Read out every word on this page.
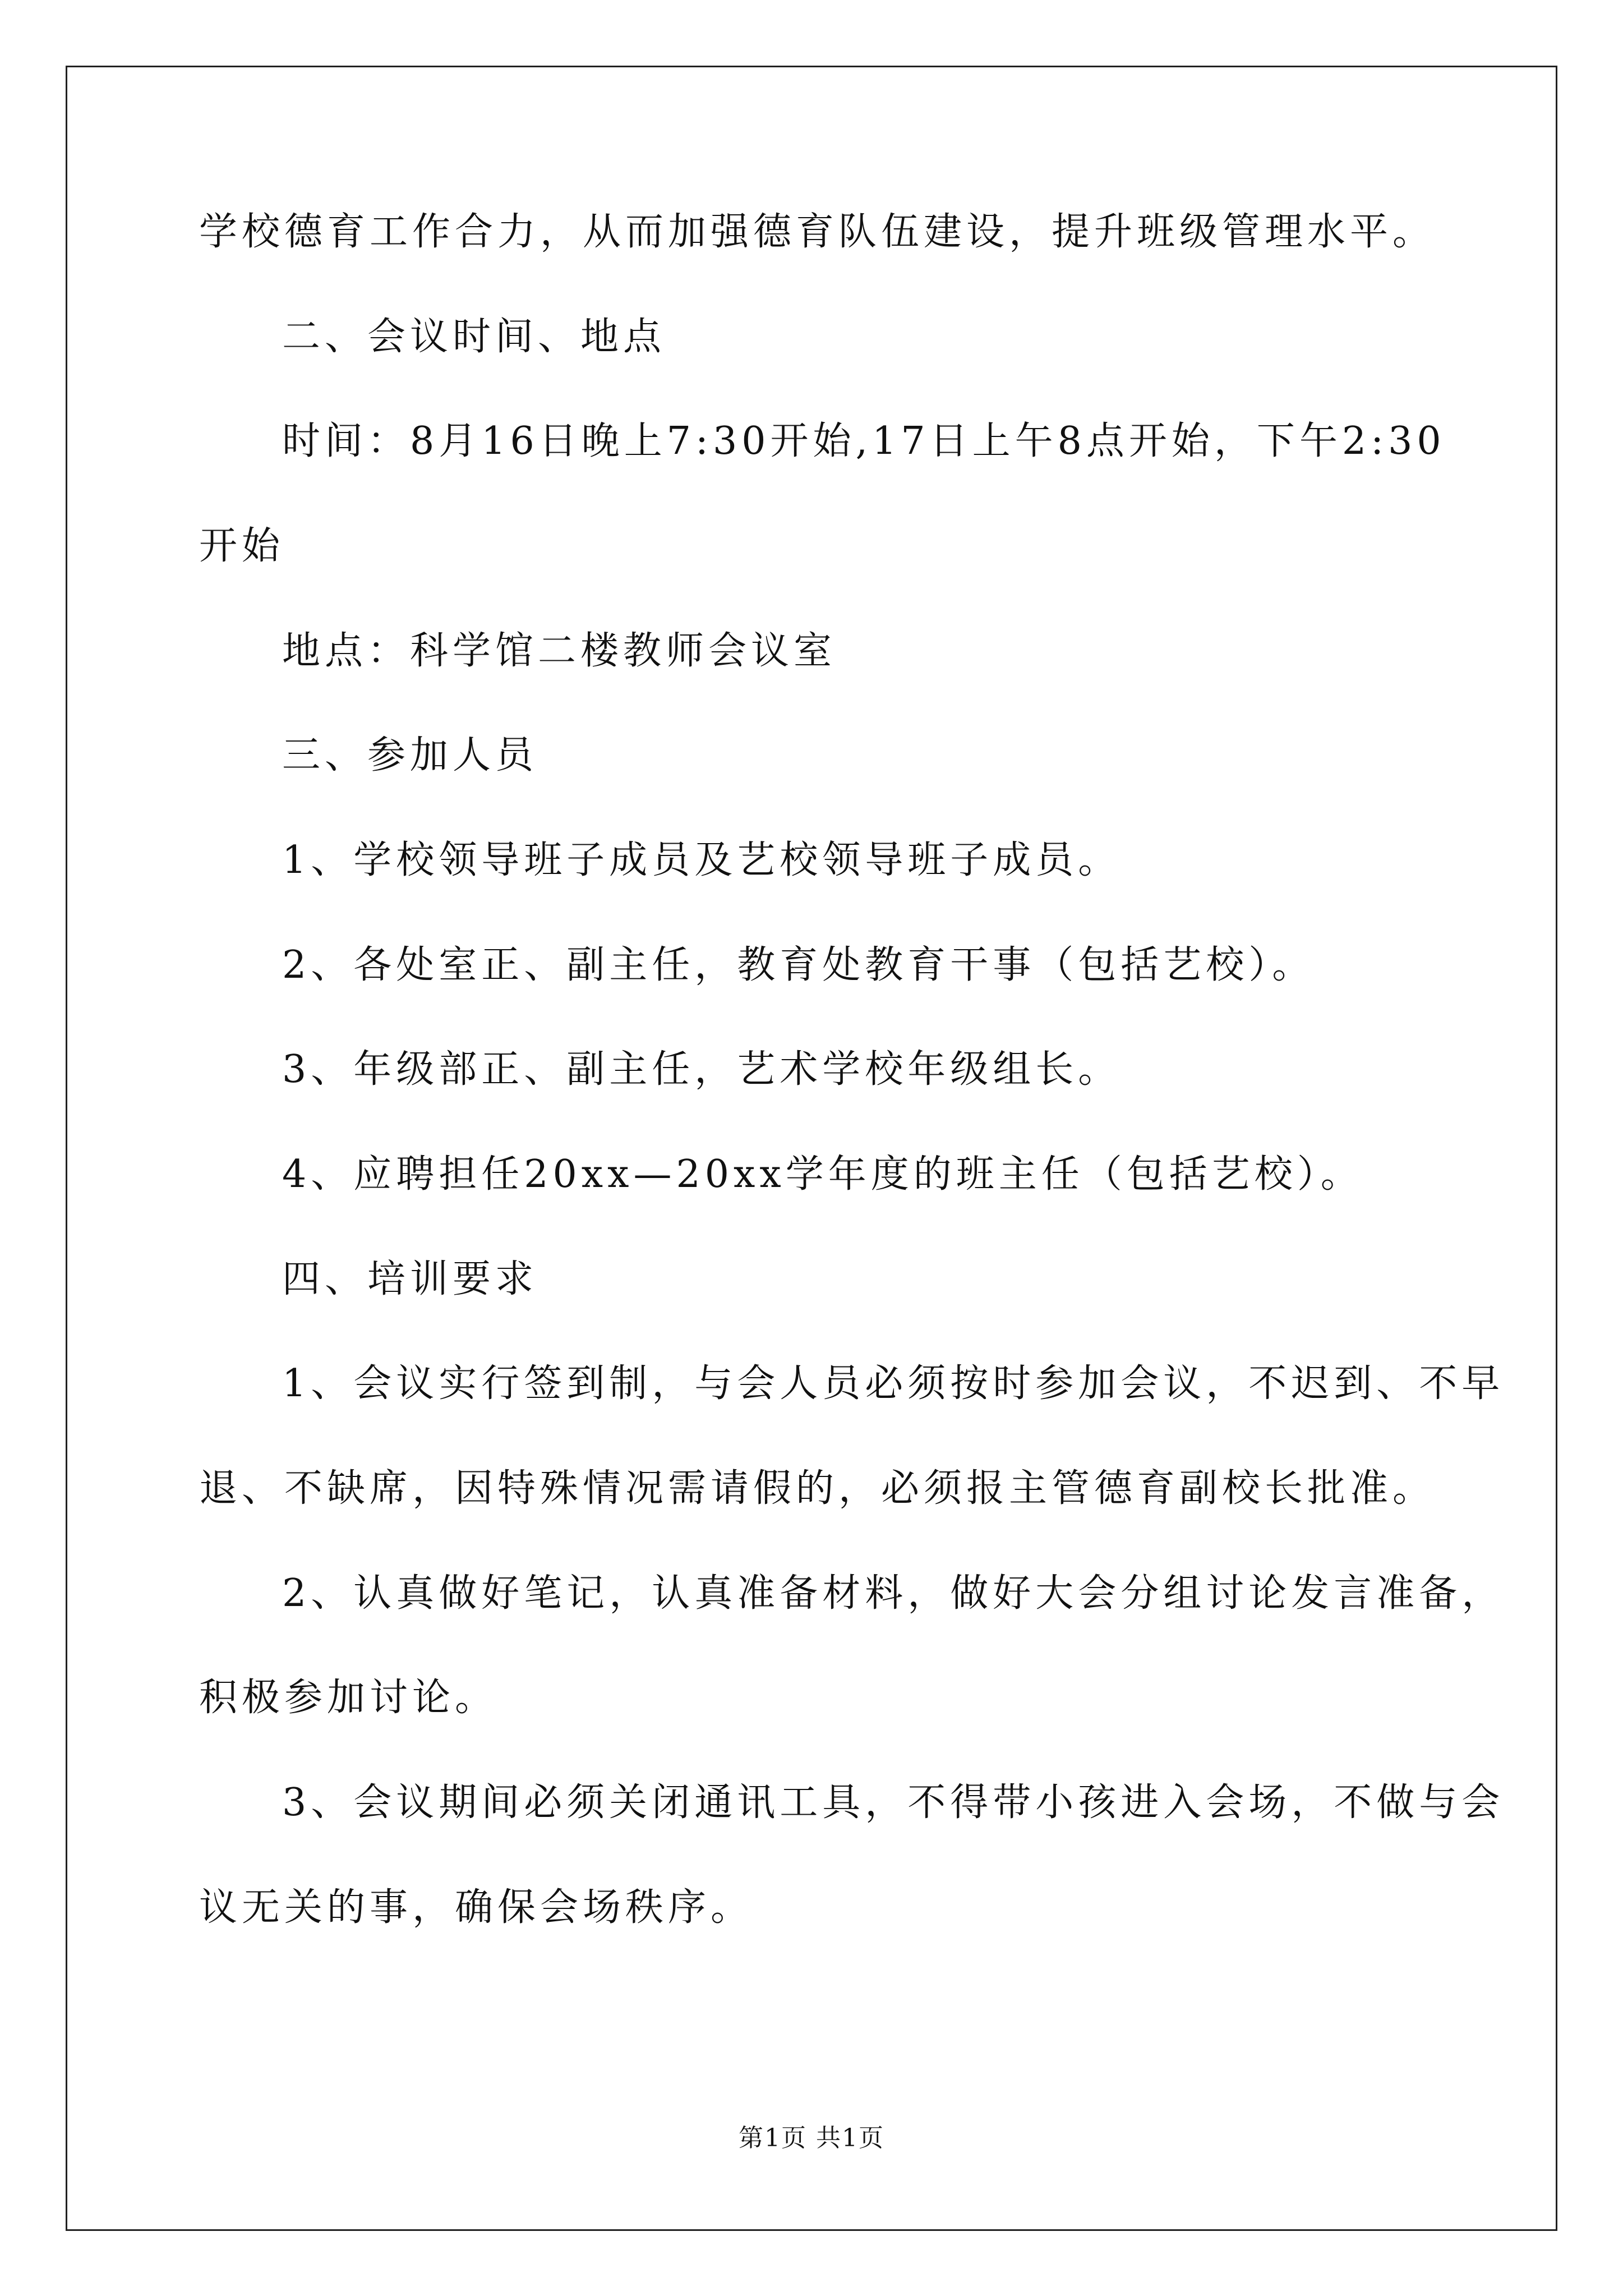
学校德育工作合力，从而加强德育队伍建设，提升班级管理水平。
二、会议时间、地点
时间：8月16日晚上7:30开始,17日上午8点开始，下午2:30
开始
地点：科学馆二楼教师会议室
三、参加人员
1、学校领导班子成员及艺校领导班子成员。
2、各处室正、副主任，教育处教育干事（包括艺校）。
3、年级部正、副主任，艺术学校年级组长。
4、应聘担任20xx—20xx学年度的班主任（包括艺校）。
四、培训要求
1、会议实行签到制，与会人员必须按时参加会议，不迟到、不早
退、不缺席，因特殊情况需请假的，必须报主管德育副校长批准。
2、认真做好笔记，认真准备材料，做好大会分组讨论发言准备，
积极参加讨论。
3、会议期间必须关闭通讯工具，不得带小孩进入会场，不做与会
议无关的事，确保会场秩序。
第1页 共1页
